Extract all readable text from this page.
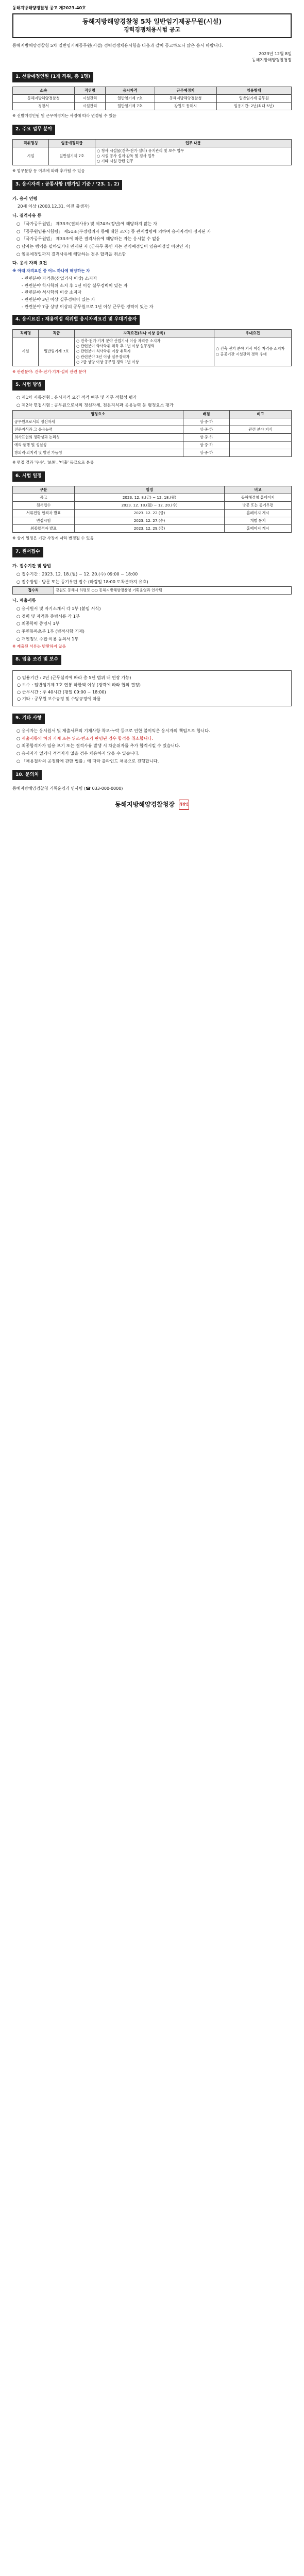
동해지방해양경찰청 공고 제2023-40호
동해지방해양경찰청 5차 일반임기제공무원(시설)
경력경쟁채용시험 공고

동해지방해양경찰청 5차 일반임기제공무원(시설) 경력경쟁채용시험을 다음과 같이 공고하오니 많은 응시 바랍니다.

2023년 12월 8일
동해지방해양경찰청장
1. 선발예정인원 (1개 직위, 총 1명)
소속	직위명	응시자격	근무예정지	임용형태
동해지방해양경찰청	시설관리	일반임기제 7호	동해지방해양경찰청	일반임기제 공무원
경찰서	시설관리	일반임기제 7호	강원도 동해시	임용기간: 2년(최대 5년)

※ 선발예정인원 및 근무예정지는 사정에 따라 변경될 수 있음

2. 주요 업무 분야
직위명칭	임용예정직급	업무 내용
시설	일반임기제 7호	○ 청사 시설물(건축·전기·설비) 유지관리 및 보수 업무
○ 시설 공사 설계·감독 및 검사 업무
○ 기타 시설 관련 업무

※ 업무분장 등 여부에 따라 추가될 수 있음

3. 응시자격 : 공통사항 (평가일 기준 / ‘23. 1. 2)
가. 응시 연령

20세 이상 (2003.12.31. 이전 출생자)

나. 결격사유 등

○ 「국가공무원법」 제33조(결격사유) 및 제74조(정년)에 해당하지 않는 자

○ 「공무원임용시험령」 제51조(부정행위자 등에 대한 조치) 등 관계법령에 의하여 응시자격이 정지된 자

○ 「국가공무원법」 제33조에 따른 결격사유에 해당하는 자는 응시할 수 없음

○ 남자는 병역을 필하였거나 면제된 자 (군복무 중인 자는 전역예정일이 임용예정일 이전인 자)

○ 임용예정일까지 결격사유에 해당하는 경우 합격을 취소함

다. 응시 자격 요건

※ 아래 자격요건 중 어느 하나에 해당하는 자

- 관련분야 자격증(산업기사 이상) 소지자

- 관련분야 학사학위 소지 후 1년 이상 실무경력이 있는 자

- 관련분야 석사학위 이상 소지자

- 관련분야 3년 이상 실무경력이 있는 자

- 관련분야 7급 상당 이상의 공무원으로 1년 이상 근무한 경력이 있는 자

4. 응시요건 : 채용예정 직위별 응시자격요건 및 우대기술자
직위명	직급	자격요건(하나 이상 충족)	우대요건
시설	일반임기제 7호	○ 건축·전기·기계 분야 산업기사 이상 자격증 소지자
○ 관련분야 학사학위 취득 후 1년 이상 실무경력
○ 관련분야 석사학위 이상 취득자
○ 관련분야 3년 이상 실무경력자
○ 7급 상당 이상 공무원 경력 1년 이상	○ 건축·전기 분야 기사 이상 자격증 소지자
○ 공공기관 시설관리 경력 우대

※ 관련분야: 건축·전기·기계·설비 관련 분야

5. 시험 방법

○ 제1차 서류전형 : 응시자격 요건 적격 여부 및 직무 적합성 평가

○ 제2차 면접시험 : 공무원으로서의 정신자세, 전문지식과 응용능력 등 평정요소 평가

평정요소	배점	비고
공무원으로서의 정신자세	상·중·하	
전문지식과 그 응용능력	상·중·하	관련 분야 지식
의사표현의 정확성과 논리성	상·중·하	
예의·품행 및 성실성	상·중·하	
창의력·의지력 및 발전 가능성	상·중·하	

※ 면접 결과 '우수', '보통', '미흡' 등급으로 분류

6. 시험 일정
구분	일정	비고
공고	2023. 12. 8.(금) ~ 12. 18.(월)	동해해경청 홈페이지
원서접수	2023. 12. 18.(월) ~ 12. 20.(수)	방문 또는 등기우편
서류전형 합격자 발표	2023. 12. 22.(금)	홈페이지 게시
면접시험	2023. 12. 27.(수)	개별 통지
최종합격자 발표	2023. 12. 29.(금)	홈페이지 게시

※ 상기 일정은 기관 사정에 따라 변경될 수 있음

7. 원서접수
가. 접수기간 및 방법

○ 접수기간 : 2023. 12. 18.(월) ~ 12. 20.(수) 09:00 ~ 18:00

○ 접수방법 : 방문 또는 등기우편 접수 (마감일 18:00 도착분까지 유효)

접수처	강원도 동해시 하평로 ○○ 동해지방해양경찰청 기획운영과 인사팀
나. 제출서류

○ 응시원서 및 자기소개서 각 1부 (붙임 서식)

○ 경력 및 자격증 증빙서류 각 1부

○ 최종학력 증명서 1부

○ 주민등록초본 1부 (병적사항 기재)

○ 개인정보 수집·이용 동의서 1부

※ 제출된 서류는 반환하지 않음

8. 임용 조건 및 보수

○ 임용기간 : 2년 (근무실적에 따라 총 5년 범위 내 연장 가능)

○ 보수 : 일반임기제 7호 연봉 하한액 이상 (경력에 따라 협의 결정)

○ 근무시간 : 주 40시간 (평일 09:00 ~ 18:00)

○ 기타 : 공무원 보수규정 및 수당규정에 따름

9. 기타 사항

○ 응시자는 응시원서 및 제출서류의 기재사항 착오·누락 등으로 인한 불이익은 응시자의 책임으로 합니다.

○ 제출서류의 허위 기재 또는 위조·변조가 판명된 경우 합격을 취소합니다.

○ 최종합격자가 임용 포기 또는 결격사유 발생 시 차순위자를 추가 합격시킬 수 있습니다.

○ 응시자가 없거나 적격자가 없을 경우 채용하지 않을 수 있습니다.

○ 「채용절차의 공정화에 관한 법률」에 따라 블라인드 채용으로 진행합니다.

10. 문의처

동해지방해양경찰청 기획운영과 인사팀 (☎ 033-000-0000)

동해지방해양경찰청장 청장인
